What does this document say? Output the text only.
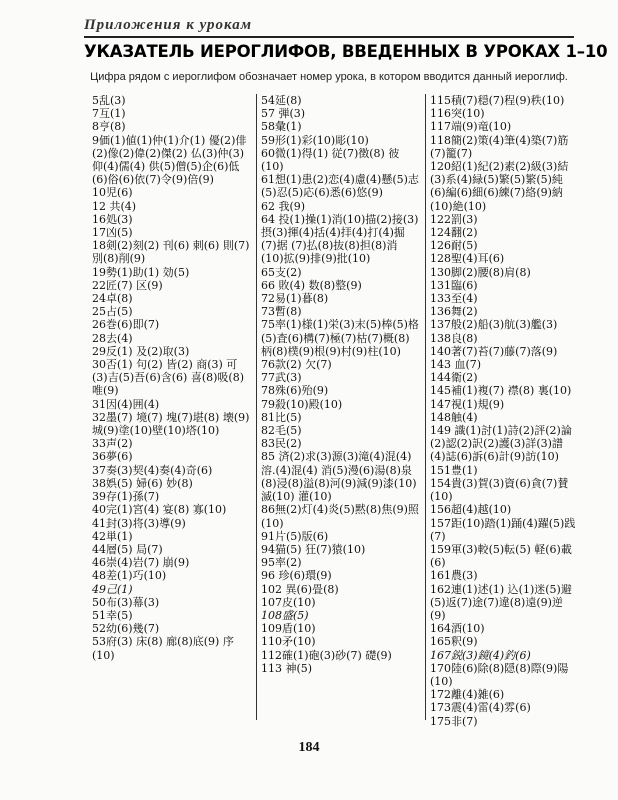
Приложения к урокам
УКАЗАТЕЛЬ ИЕРОГЛИФОВ, ВВЕДЕННЫХ В УРОКАХ 1–10
Цифра рядом с иероглифом обозначает номер урока, в котором вводится данный иероглиф.
5乱(3)
7互(1)
8亨(8)
9価(1)値(1)仲(1)介(1) 優(2)俳(2)像(2)偉(2)傑(2) 仏(3)仲(3)仰(4)儒(4) 供(5)僧(5)企(6)低(6)俗(6)依(7)令(9)倍(9)
10児(6)
12 共(4)
16処(3)
17凶(5)
18剣(2)刻(2) 刊(6) 刺(6) 則(7)別(8)削(9)
19勢(1)助(1) 効(5)
22匠(7) 区(9)
24卓(8)
25占(5)
26巻(6)即(7)
28去(4)
29反(1) 及(2)取(3)
30否(1) 句(2) 皆(2) 商(3) 可(3)吉(5)吾(6)含(6) 喜(8)吸(8)唯(9)
31因(4)囲(4)
32墨(7) 境(7) 塊(7)堪(8) 壊(9)城(9)塗(10)壁(10)塔(10)
33声(2)
36夢(6)
37奏(3)契(4)奏(4)奇(6)
38娯(5) 婦(6) 妙(8)
39存(1)孫(7)
40完(1)宮(4) 宴(8) 寡(10)
41封(3)将(3)導(9)
42単(1)
44層(5) 局(7)
46崇(4)岩(7) 崩(9)
48差(1)巧(10)
49己(1)
50布(3)幕(3)
51幸(5)
52幼(6)幾(7)
53府(3) 床(8) 廊(8)底(9) 序(10)
54延(8)
57 弾(3)
58彙(1)
59形(1)彩(10)彫(10)
60微(1)得(1) 従(7)徴(8) 彼(10)
61想(1)患(2)恋(4)慮(4)懸(5)志(5)忍(5)応(6)悉(6)悠(9)
62 我(9)
64 投(1)操(1)消(10)描(2)接(3)摂(3)揮(4)括(4)拝(4)打(4)掘(7)据 (7)払(8)抜(8)担(8)消(10)拡(9)排(9)批(10)
65支(2)
66 敗(4) 数(8)整(9)
72易(1)暮(8)
73暫(8)
75率(1)様(1)栄(3)末(5)棒(5)格(5)査(6)構(7)極(7)枯(7)概(8)柄(8)樸(9)根(9)村(9)柱(10)
76款(2) 欠(7)
77武(3)
78殊(6)殆(9)
79殺(10)殿(10)
81比(5)
82毛(5)
83民(2)
85 済(2)求(3)源(3)滝(4)混(4)溶.(4)混(4) 消(5)漫(6)湯(8)泉(8)浸(8)溢(8)河(9)減(9)漆(10) 滅(10) 灌(10)
86無(2)灯(4)炎(5)黙(8)焦(9)照(10)
91片(5)版(6)
94猫(5) 狂(7)猿(10)
95率(2)
96 珍(6)環(9)
102 異(6)畳(8)
107皮(10)
108盛(5)
109盾(10)
110矛(10)
112確(1)砲(3)砂(7) 礎(9)
113 神(5)
115積(7)穏(7)程(9)秩(10)
116突(10)
117端(9)竜(10)
118簡(2)策(4)筆(4)築(7)筋(7)籠(7)
120紹(1)紀(2)素(2)級(3)結(3)系(4)緑(5)繁(5)繁(5)純(6)編(6)細(6)練(7)絡(9)納(10)絶(10)
122罰(3)
124翻(2)
126耐(5)
128聖(4)耳(6)
130脚(2)腰(8)肩(8)
131臨(6)
133至(4)
136舞(2)
137般(2)船(3)航(3)艦(3)
138良(8)
140著(7)苔(7)藤(7)落(9)
143 血(7)
144衛(2)
145補(1)複(7) 襟(8) 裏(10)
147視(1)規(9)
148触(4)
149 識(1)討(1)詩(2)評(2)論(2)認(2)訳(2)護(3)詳(3)譜(4)誌(6)訴(6)計(9)訪(10)
151豊(1)
154貴(3)賀(3)資(6)貪(7)賛(10)
156超(4)越(10)
157距(10)踏(1)踊(4)躍(5)践(7)
159軍(3)較(5)転(5) 軽(6)載(6)
161農(3)
162連(1)述(1) 込(1)迷(5)避(5)返(7)途(7)違(8)遠(9)逆(9)
164酒(10)
165釈(9)
167鋭(3)鏡(4)釣(6)
170陸(6)除(8)隠(8)際(9)陽(10)
172離(4)雑(6)
173震(4)雷(4)雰(6)
175非(7)
184
